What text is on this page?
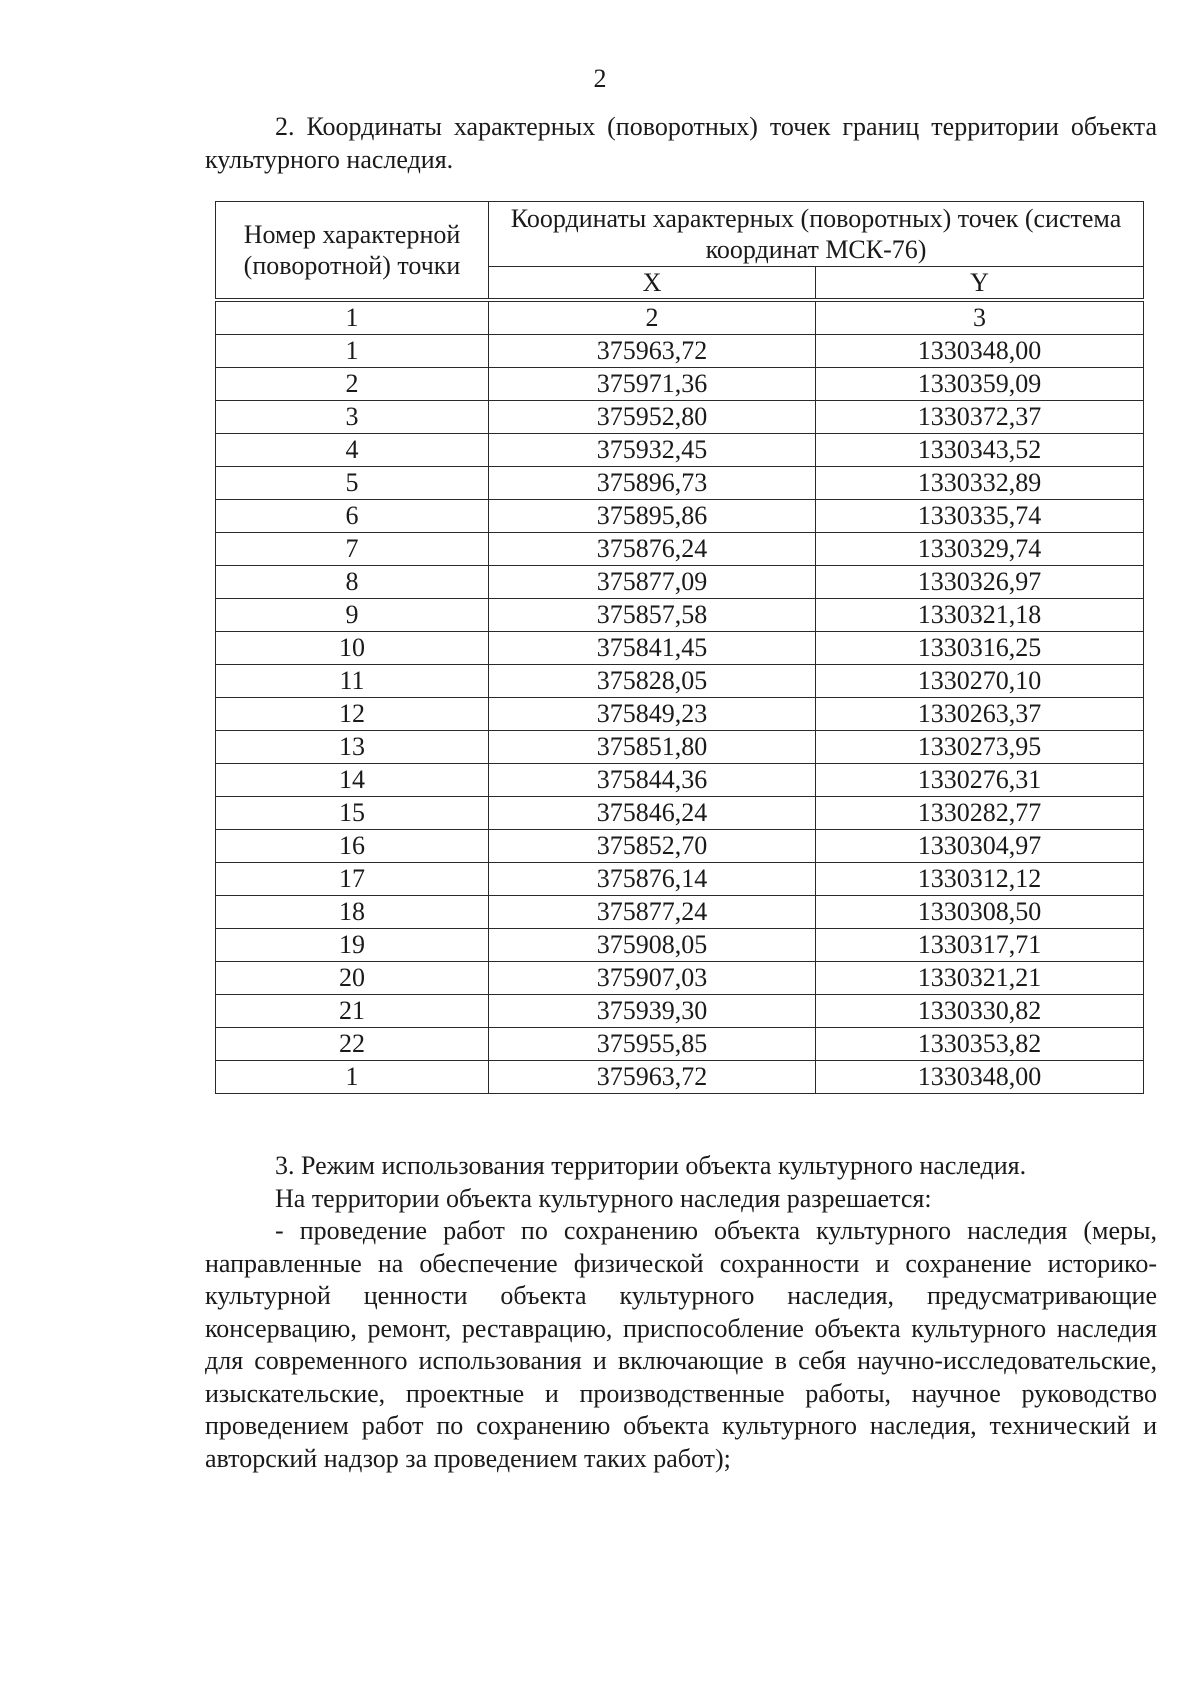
2
2. Координаты характерных (поворотных) точек границ территории объекта культурного наследия.
Номер характерной (поворотной) точки	Координаты характерных (поворотных) точек (система координат МСК-76)	
	X	Y
1	2	3
1	375963,72	1330348,00
2	375971,36	1330359,09
3	375952,80	1330372,37
4	375932,45	1330343,52
5	375896,73	1330332,89
6	375895,86	1330335,74
7	375876,24	1330329,74
8	375877,09	1330326,97
9	375857,58	1330321,18
10	375841,45	1330316,25
11	375828,05	1330270,10
12	375849,23	1330263,37
13	375851,80	1330273,95
14	375844,36	1330276,31
15	375846,24	1330282,77
16	375852,70	1330304,97
17	375876,14	1330312,12
18	375877,24	1330308,50
19	375908,05	1330317,71
20	375907,03	1330321,21
21	375939,30	1330330,82
22	375955,85	1330353,82
1	375963,72	1330348,00

3. Режим использования территории объекта культурного наследия.

На территории объекта культурного наследия разрешается:

- проведение работ по сохранению объекта культурного наследия (меры, направленные на обеспечение физической сохранности и сохранение историко-культурной ценности объекта культурного наследия, предусматривающие консервацию, ремонт, реставрацию, приспособление объекта культурного наследия для современного использования и включающие в себя научно-исследовательские, изыскательские, проектные и производственные работы, научное руководство проведением работ по сохранению объекта культурного наследия, технический и авторский надзор за проведением таких работ);
